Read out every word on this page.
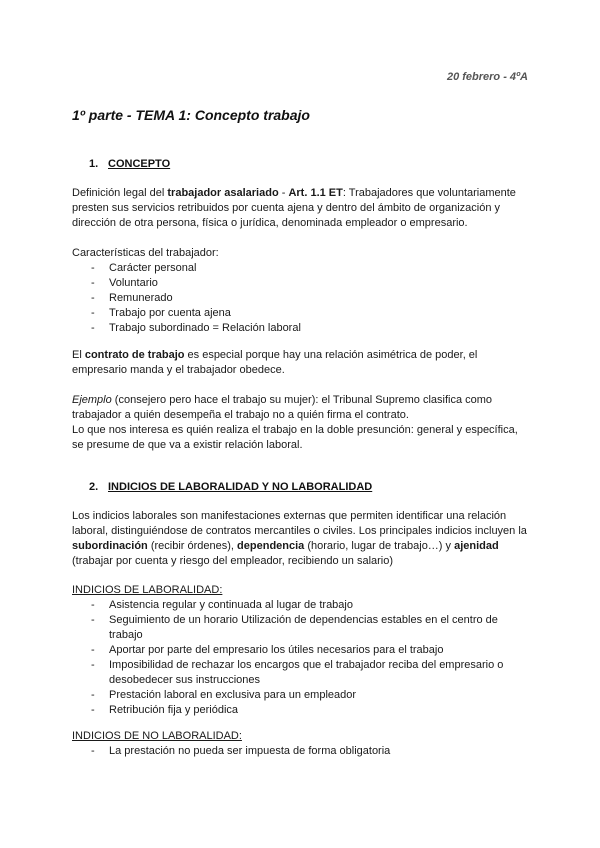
20 febrero - 4ºA
1º parte - TEMA 1: Concepto trabajo
1. CONCEPTO

Definición legal del trabajador asalariado - Art. 1.1 ET: Trabajadores que voluntariamente presten sus servicios retribuidos por cuenta ajena y dentro del ámbito de organización y dirección de otra persona, física o jurídica, denominada empleador o empresario.

Características del trabajador:
- Carácter personal
- Voluntario
- Remunerado
- Trabajo por cuenta ajena
- Trabajo subordinado = Relación laboral

El contrato de trabajo es especial porque hay una relación asimétrica de poder, el empresario manda y el trabajador obedece.

Ejemplo (consejero pero hace el trabajo su mujer): el Tribunal Supremo clasifica como trabajador a quién desempeña el trabajo no a quién firma el contrato.
Lo que nos interesa es quién realiza el trabajo en la doble presunción: general y específica, se presume de que va a existir relación laboral.

2. INDICIOS DE LABORALIDAD Y NO LABORALIDAD

Los indicios laborales son manifestaciones externas que permiten identificar una relación laboral, distinguiéndose de contratos mercantiles o civiles. Los principales indicios incluyen la subordinación (recibir órdenes), dependencia (horario, lugar de trabajo…) y ajenidad (trabajar por cuenta y riesgo del empleador, recibiendo un salario)

INDICIOS DE LABORALIDAD:
- Asistencia regular y continuada al lugar de trabajo
- Seguimiento de un horario Utilización de dependencias estables en el centro de trabajo
- Aportar por parte del empresario los útiles necesarios para el trabajo
- Imposibilidad de rechazar los encargos que el trabajador reciba del empresario o desobedecer sus instrucciones
- Prestación laboral en exclusiva para un empleador
- Retribución fija y periódica
INDICIOS DE NO LABORALIDAD:
- La prestación no pueda ser impuesta de forma obligatoria
